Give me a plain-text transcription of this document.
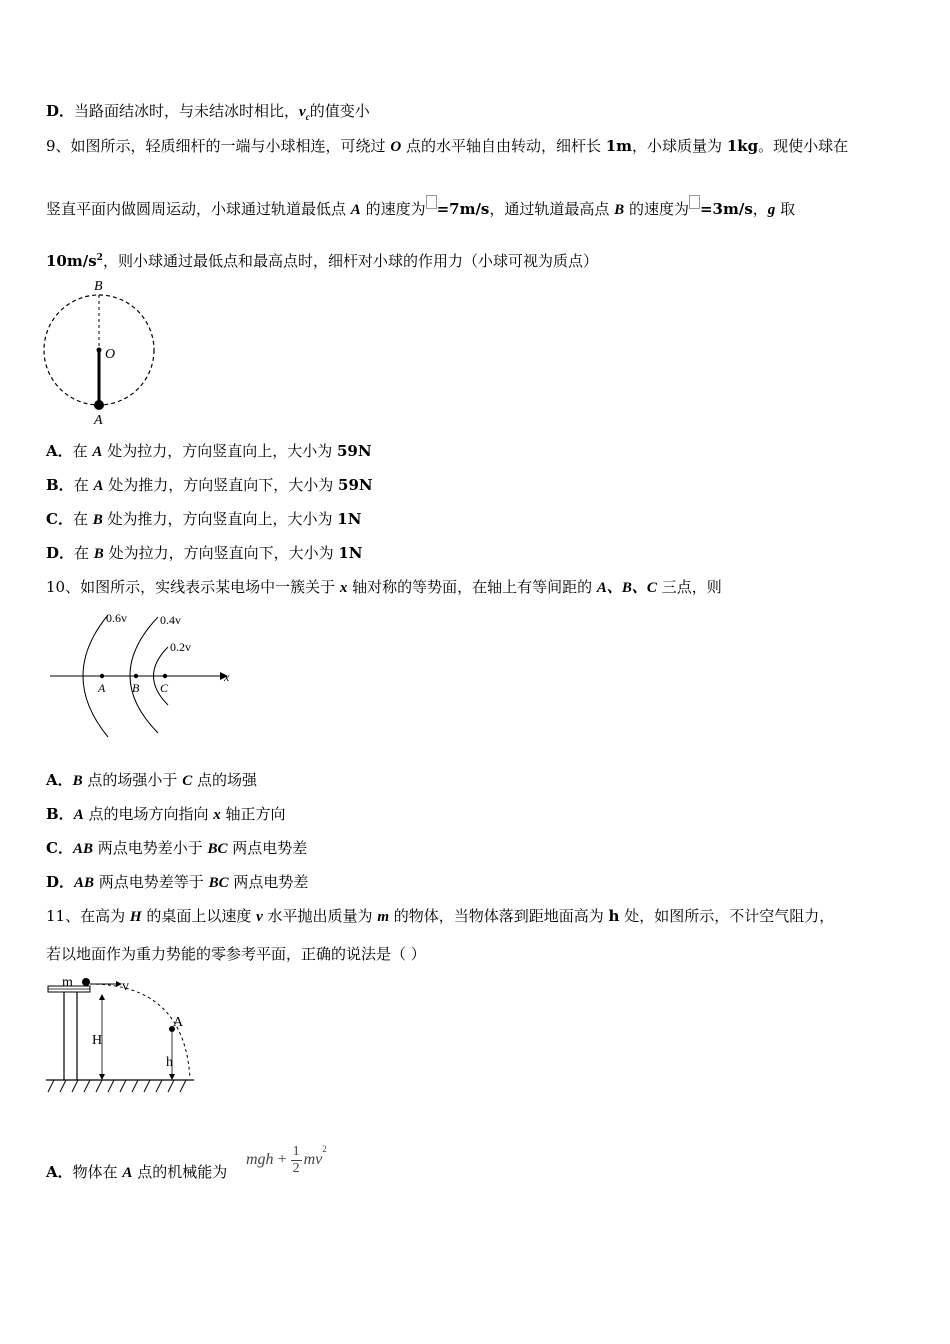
D．当路面结冰时，与未结冰时相比，$v_c$的值变小
9、如图所示，轻质细杆的一端与小球相连，可绕过 O 点的水平轴自由转动，细杆长 1m，小球质量为 1kg。现使小球在
竖直平面内做圆周运动，小球通过轨道最低点 A 的速度为 =7m/s，通过轨道最高点 B 的速度为 =3m/s，g 取
$10m/s^2$，则小球通过最低点和最高点时，细杆对小球的作用力（小球可视为质点）
B
O
A
A．在 A 处为拉力，方向竖直向上，大小为 59N
B．在 A 处为推力，方向竖直向下，大小为 59N
C．在 B 处为推力，方向竖直向上，大小为 1N
D．在 B 处为拉力，方向竖直向下，大小为 1N
10、如图所示，实线表示某电场中一簇关于 x 轴对称的等势面，在轴上有等间距的 A、B、C 三点，则
0.6v	0.4v
0.2v
A B C
x
A．B 点的场强小于 C 点的场强
B．A 点的电场方向指向 x 轴正方向
C．AB 两点电势差小于 BC 两点电势差
D．AB 两点电势差等于 BC 两点电势差
11、在高为 H 的桌面上以速度 v 水平抛出质量为 m 的物体，当物体落到距地面高为 h 处，如图所示，不计空气阻力，
若以地面作为重力势能的零参考平面，正确的说法是（ ）
m	v
H
A
h
A．物体在 A 点的机械能为
mgh + $\frac{1}{2}$ mv
$^2$
